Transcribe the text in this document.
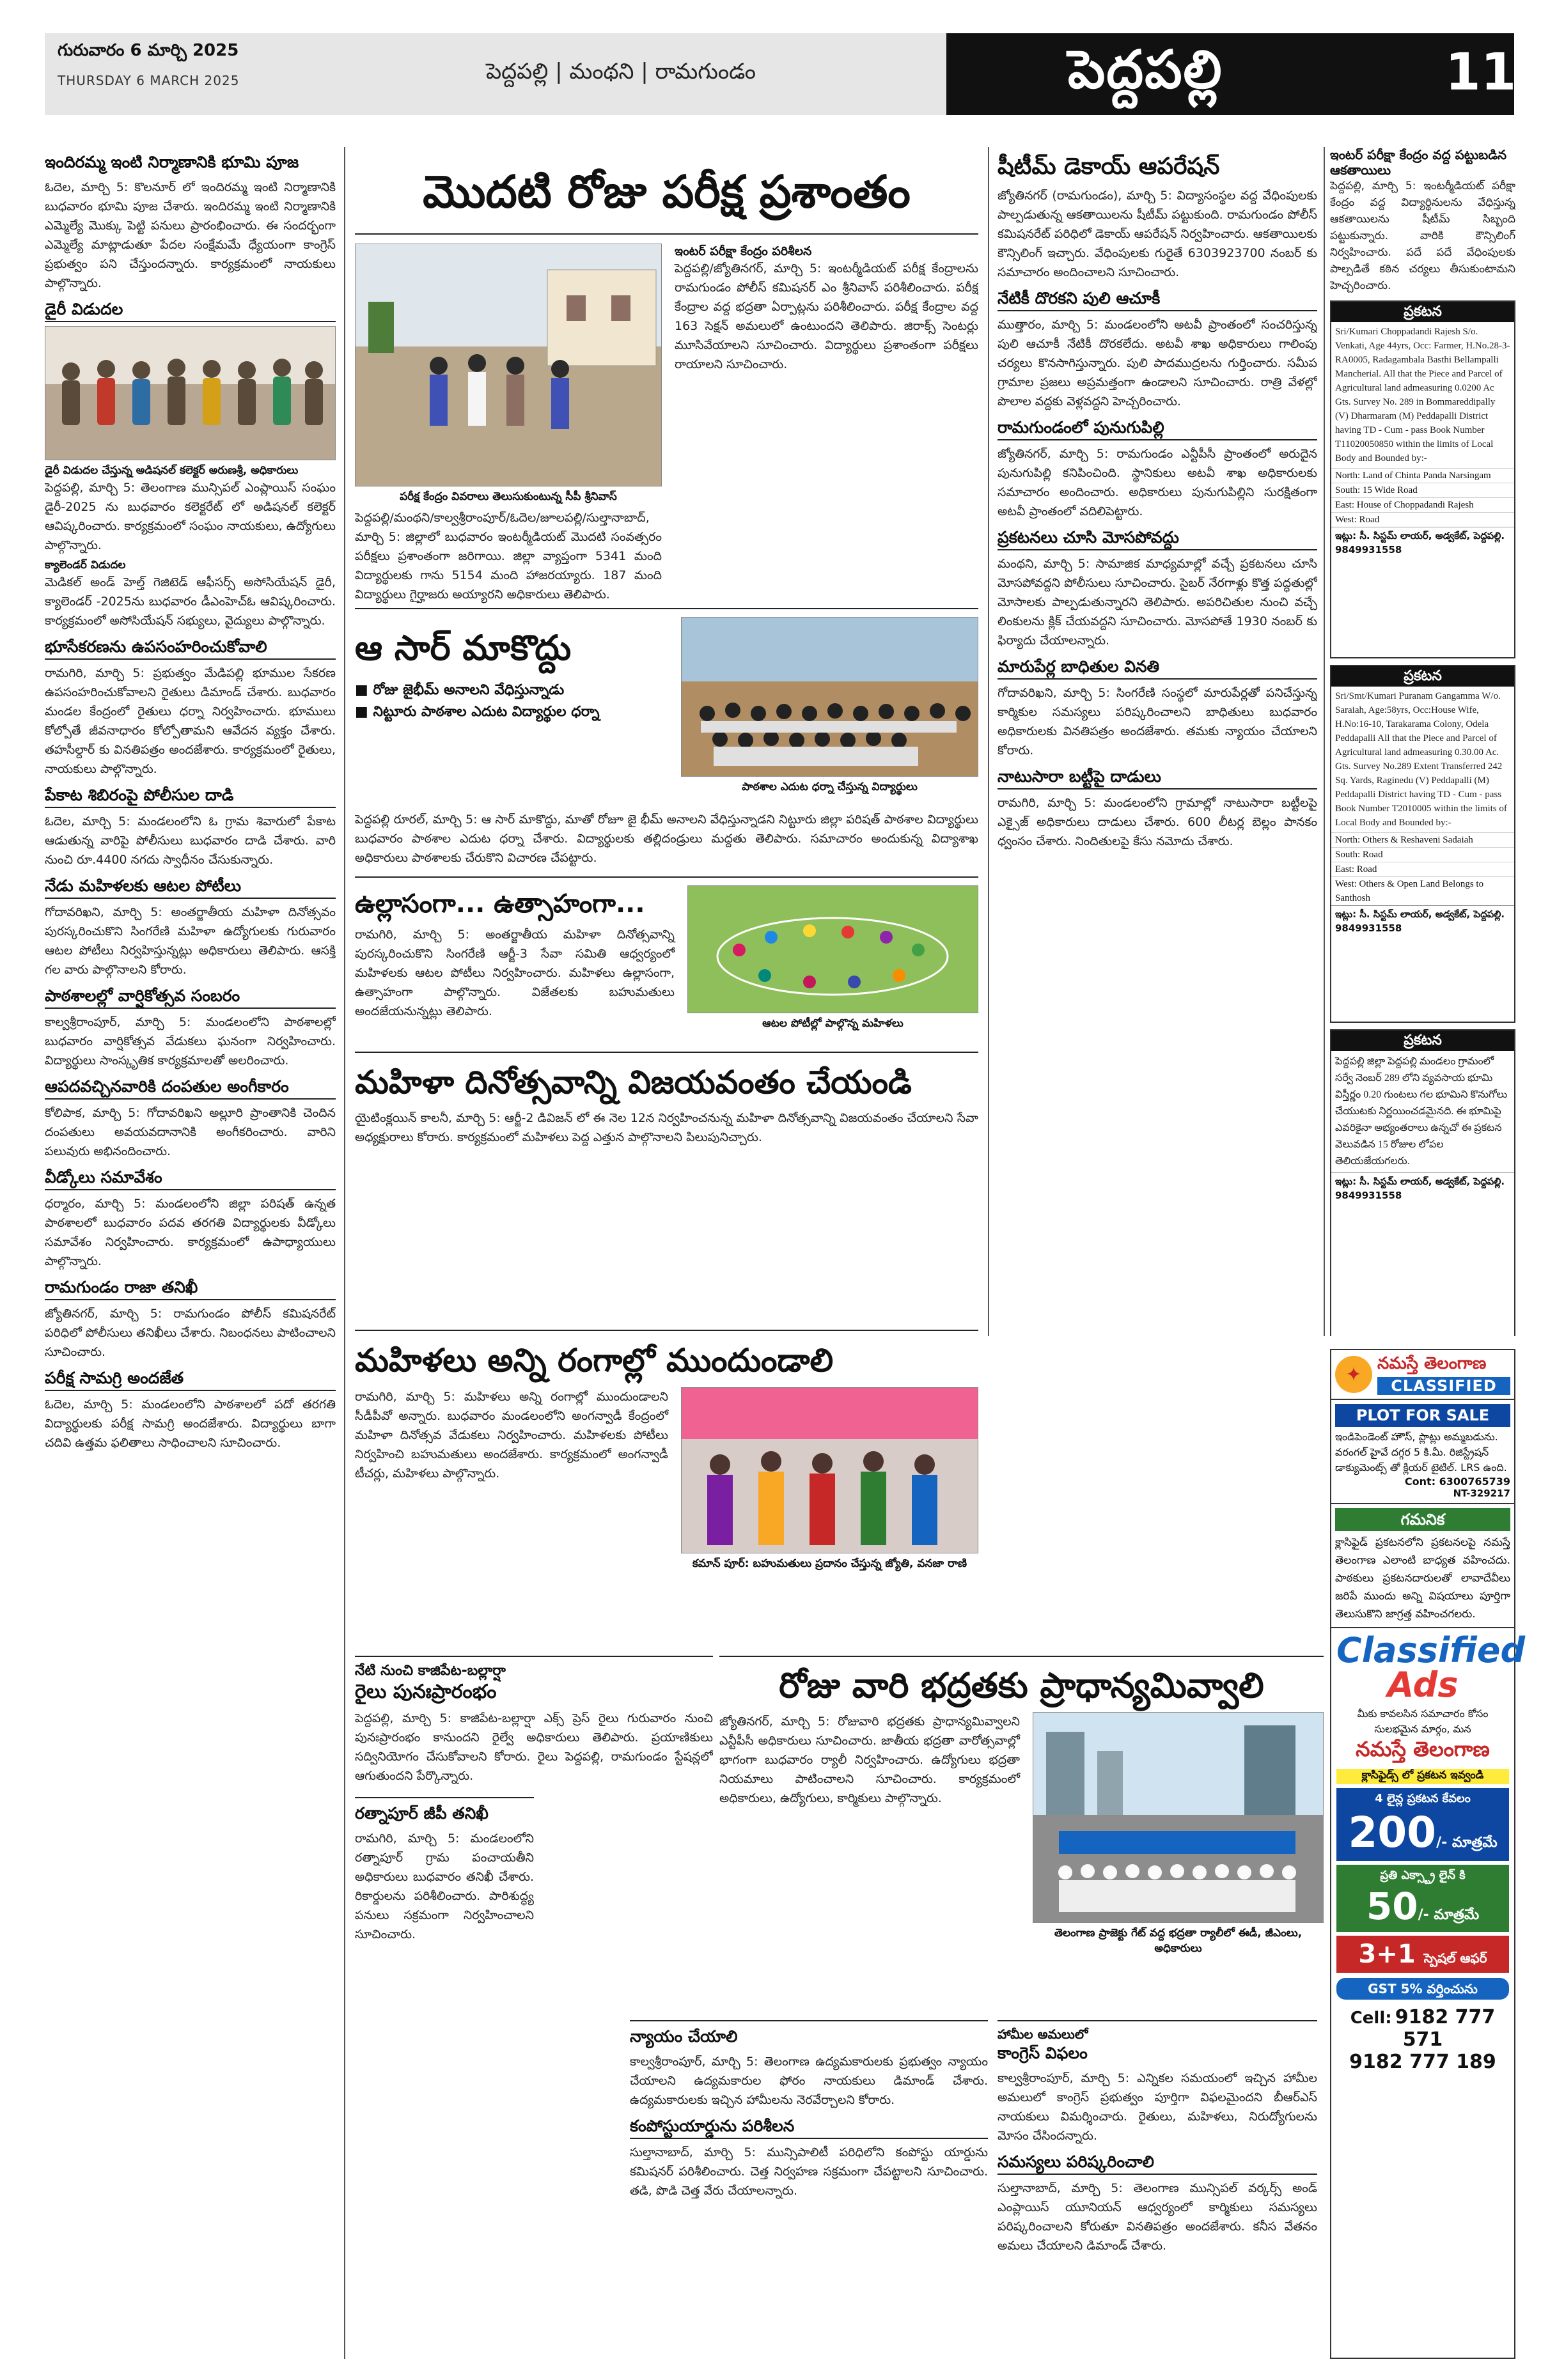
గురువారం 6 మార్చి 2025
THURSDAY 6 MARCH 2025	పెద్దపల్లి | మంథని | రామగుండం	పెద్దపల్లి	11
ఇందిరమ్మ ఇంటి నిర్మాణానికి భూమి పూజ
ఓదెల, మార్చి 5: కొలనూర్ లో ఇందిరమ్మ ఇంటి నిర్మాణానికి బుధవారం భూమి పూజ చేశారు. ఇందిరమ్మ ఇంటి నిర్మాణానికి ఎమ్మెల్యే మొక్కు పెట్టి పనులు ప్రారంభించారు. ఈ సందర్భంగా ఎమ్మెల్యే మాట్లాడుతూ పేదల సంక్షేమమే ధ్యేయంగా కాంగ్రెస్ ప్రభుత్వం పని చేస్తుందన్నారు. కార్యక్రమంలో నాయకులు పాల్గొన్నారు.
డైరీ విడుదల
డైరీ విడుదల చేస్తున్న అడిషనల్ కలెక్టర్ అరుణశ్రీ, అధికారులు
పెద్దపల్లి, మార్చి 5: తెలంగాణ మున్సిపల్ ఎంప్లాయిస్ సంఘం డైరీ-2025 ను బుధవారం కలెక్టరేట్ లో అడిషనల్ కలెక్టర్ ఆవిష్కరించారు. కార్యక్రమంలో సంఘం నాయకులు, ఉద్యోగులు పాల్గొన్నారు.
క్యాలెండర్ విడుదల
మెడికల్ అండ్ హెల్త్ గెజిటెడ్ ఆఫీసర్స్ అసోసియేషన్ డైరీ, క్యాలెండర్ -2025ను బుధవారం డీఎంహెచ్ఓ ఆవిష్కరించారు. కార్యక్రమంలో అసోసియేషన్ సభ్యులు, వైద్యులు పాల్గొన్నారు.
భూసేకరణను ఉపసంహరించుకోవాలి
రామగిరి, మార్చి 5: ప్రభుత్వం మేడిపల్లి భూముల సేకరణ ఉపసంహరించుకోవాలని రైతులు డిమాండ్ చేశారు. బుధవారం మండల కేంద్రంలో రైతులు ధర్నా నిర్వహించారు. భూములు కోల్పోతే జీవనాధారం కోల్పోతామని ఆవేదన వ్యక్తం చేశారు. తహసీల్దార్ కు వినతిపత్రం అందజేశారు. కార్యక్రమంలో రైతులు, నాయకులు పాల్గొన్నారు.
పేకాట శిబిరంపై పోలీసుల దాడి
ఓదెల, మార్చి 5: మండలంలోని ఓ గ్రామ శివారులో పేకాట ఆడుతున్న వారిపై పోలీసులు బుధవారం దాడి చేశారు. వారి నుంచి రూ.4400 నగదు స్వాధీనం చేసుకున్నారు.
నేడు మహిళలకు ఆటల పోటీలు
గోదావరిఖని, మార్చి 5: అంతర్జాతీయ మహిళా దినోత్సవం పురస్కరించుకొని సింగరేణి మహిళా ఉద్యోగులకు గురువారం ఆటల పోటీలు నిర్వహిస్తున్నట్లు అధికారులు తెలిపారు. ఆసక్తి గల వారు పాల్గొనాలని కోరారు.
పాఠశాలల్లో వార్షికోత్సవ సంబరం
కాల్వశ్రీరాంపూర్, మార్చి 5: మండలంలోని పాఠశాలల్లో బుధవారం వార్షికోత్సవ వేడుకలు ఘనంగా నిర్వహించారు. విద్యార్థులు సాంస్కృతిక కార్యక్రమాలతో అలరించారు.
ఆపదవచ్చినవారికి దంపతుల అంగీకారం
కోలిపాక, మార్చి 5: గోదావరిఖని అల్లూరి ప్రాంతానికి చెందిన దంపతులు అవయవదానానికి అంగీకరించారు. వారిని పలువురు అభినందించారు.
వీడ్కోలు సమావేశం
ధర్మారం, మార్చి 5: మండలంలోని జిల్లా పరిషత్ ఉన్నత పాఠశాలలో బుధవారం పదవ తరగతి విద్యార్థులకు వీడ్కోలు సమావేశం నిర్వహించారు. కార్యక్రమంలో ఉపాధ్యాయులు పాల్గొన్నారు.
రామగుండం రాజా తనిఖీ
జ్యోతినగర్, మార్చి 5: రామగుండం పోలీస్ కమిషనరేట్ పరిధిలో పోలీసులు తనిఖీలు చేశారు. నిబంధనలు పాటించాలని సూచించారు.
పరీక్ష సామగ్రి అందజేత
ఓదెల, మార్చి 5: మండలంలోని పాఠశాలలో పదో తరగతి విద్యార్థులకు పరీక్ష సామగ్రి అందజేశారు. విద్యార్థులు బాగా చదివి ఉత్తమ ఫలితాలు సాధించాలని సూచించారు.
మొదటి రోజు పరీక్ష ప్రశాంతం
పరీక్ష కేంద్రం వివరాలు తెలుసుకుంటున్న సీపీ శ్రీనివాస్
పెద్దపల్లి/మంథని/కాల్వశ్రీరాంపూర్/ఓదెల/జూలపల్లి/సుల్తానాబాద్, మార్చి 5: జిల్లాలో బుధవారం ఇంటర్మీడియట్ మొదటి సంవత్సరం పరీక్షలు ప్రశాంతంగా జరిగాయి. జిల్లా వ్యాప్తంగా 5341 మంది విద్యార్థులకు గాను 5154 మంది హాజరయ్యారు. 187 మంది విద్యార్థులు గైర్హాజరు అయ్యారని అధికారులు తెలిపారు.
ఇంటర్ పరీక్షా కేంద్రం పరిశీలన
పెద్దపల్లి/జ్యోతినగర్, మార్చి 5: ఇంటర్మీడియట్ పరీక్ష కేంద్రాలను రామగుండం పోలీస్ కమిషనర్ ఎం శ్రీనివాస్ పరిశీలించారు. పరీక్ష కేంద్రాల వద్ద భద్రతా ఏర్పాట్లను పరిశీలించారు. పరీక్ష కేంద్రాల వద్ద 163 సెక్షన్ అమలులో ఉంటుందని తెలిపారు. జిరాక్స్ సెంటర్లు మూసివేయాలని సూచించారు. విద్యార్థులు ప్రశాంతంగా పరీక్షలు రాయాలని సూచించారు.
ఆ సార్ మాకొద్దు
■ రోజు జైభీమ్ అనాలని వేధిస్తున్నాడు
■ నిట్టూరు పాఠశాల ఎదుట విద్యార్థుల ధర్నా
పాఠశాల ఎదుట ధర్నా చేస్తున్న విద్యార్థులు
పెద్దపల్లి రూరల్, మార్చి 5: ఆ సార్ మాకొద్దు, మాతో రోజూ జై భీమ్ అనాలని వేధిస్తున్నాడని నిట్టూరు జిల్లా పరిషత్ పాఠశాల విద్యార్థులు బుధవారం పాఠశాల ఎదుట ధర్నా చేశారు. విద్యార్థులకు తల్లిదండ్రులు మద్దతు తెలిపారు. సమాచారం అందుకున్న విద్యాశాఖ అధికారులు పాఠశాలకు చేరుకొని విచారణ చేపట్టారు.
ఉల్లాసంగా... ఉత్సాహంగా...
రామగిరి, మార్చి 5: అంతర్జాతీయ మహిళా దినోత్సవాన్ని పురస్కరించుకొని సింగరేణి ఆర్జీ-3 సేవా సమితి ఆధ్వర్యంలో మహిళలకు ఆటల పోటీలు నిర్వహించారు. మహిళలు ఉల్లాసంగా, ఉత్సాహంగా పాల్గొన్నారు. విజేతలకు బహుమతులు అందజేయనున్నట్లు తెలిపారు.
ఆటల పోటీల్లో పాల్గొన్న మహిళలు
మహిళా దినోత్సవాన్ని విజయవంతం చేయండి
యైటింక్లయిన్ కాలనీ, మార్చి 5: ఆర్జీ-2 డివిజన్ లో ఈ నెల 12న నిర్వహించనున్న మహిళా దినోత్సవాన్ని విజయవంతం చేయాలని సేవా అధ్యక్షురాలు కోరారు. కార్యక్రమంలో మహిళలు పెద్ద ఎత్తున పాల్గొనాలని పిలుపునిచ్చారు.
మహిళలు అన్ని రంగాల్లో ముందుండాలి
రామగిరి, మార్చి 5: మహిళలు అన్ని రంగాల్లో ముందుండాలని సీడీపీవో అన్నారు. బుధవారం మండలంలోని అంగన్వాడీ కేంద్రంలో మహిళా దినోత్సవ వేడుకలు నిర్వహించారు. మహిళలకు పోటీలు నిర్వహించి బహుమతులు అందజేశారు. కార్యక్రమంలో అంగన్వాడీ టీచర్లు, మహిళలు పాల్గొన్నారు.
కమాన్ పూర్: బహుమతులు ప్రదానం చేస్తున్న జ్యోతి, వనజా రాణి
నేటి నుంచి కాజిపేట-బల్లార్షా
రైలు పునఃప్రారంభం
పెద్దపల్లి, మార్చి 5: కాజిపేట-బల్లార్షా ఎక్స్ ప్రెస్ రైలు గురువారం నుంచి పునఃప్రారంభం కానుందని రైల్వే అధికారులు తెలిపారు. ప్రయాణికులు సద్వినియోగం చేసుకోవాలని కోరారు. రైలు పెద్దపల్లి, రామగుండం స్టేషన్లలో ఆగుతుందని పేర్కొన్నారు.
రత్నాపూర్ జీపీ తనిఖీ
రామగిరి, మార్చి 5: మండలంలోని రత్నాపూర్ గ్రామ పంచాయతీని అధికారులు బుధవారం తనిఖీ చేశారు. రికార్డులను పరిశీలించారు. పారిశుద్ధ్య పనులు సక్రమంగా నిర్వహించాలని సూచించారు.
షీటీమ్ డెకాయ్ ఆపరేషన్
జ్యోతినగర్ (రామగుండం), మార్చి 5: విద్యాసంస్థల వద్ద వేధింపులకు పాల్పడుతున్న ఆకతాయిలను షీటీమ్ పట్టుకుంది. రామగుండం పోలీస్ కమిషనరేట్ పరిధిలో డెకాయ్ ఆపరేషన్ నిర్వహించారు. ఆకతాయిలకు కౌన్సిలింగ్ ఇచ్చారు. వేధింపులకు గురైతే 6303923700 నంబర్ కు సమాచారం అందించాలని సూచించారు.
నేటికీ దొరకని పులి ఆచూకీ
ముత్తారం, మార్చి 5: మండలంలోని అటవీ ప్రాంతంలో సంచరిస్తున్న పులి ఆచూకీ నేటికీ దొరకలేదు. అటవీ శాఖ అధికారులు గాలింపు చర్యలు కొనసాగిస్తున్నారు. పులి పాదముద్రలను గుర్తించారు. సమీప గ్రామాల ప్రజలు అప్రమత్తంగా ఉండాలని సూచించారు. రాత్రి వేళల్లో పొలాల వద్దకు వెళ్లవద్దని హెచ్చరించారు.
రామగుండంలో పునుగుపిల్లి
జ్యోతినగర్, మార్చి 5: రామగుండం ఎన్టీపీసీ ప్రాంతంలో అరుదైన పునుగుపిల్లి కనిపించింది. స్థానికులు అటవీ శాఖ అధికారులకు సమాచారం అందించారు. అధికారులు పునుగుపిల్లిని సురక్షితంగా అటవీ ప్రాంతంలో వదిలిపెట్టారు.
ప్రకటనలు చూసి మోసపోవద్దు
మంథని, మార్చి 5: సామాజిక మాధ్యమాల్లో వచ్చే ప్రకటనలు చూసి మోసపోవద్దని పోలీసులు సూచించారు. సైబర్ నేరగాళ్లు కొత్త పద్ధతుల్లో మోసాలకు పాల్పడుతున్నారని తెలిపారు. అపరిచితుల నుంచి వచ్చే లింకులను క్లిక్ చేయవద్దని సూచించారు. మోసపోతే 1930 నంబర్ కు ఫిర్యాదు చేయాలన్నారు.
మారుపేర్ల బాధితుల వినతి
గోదావరిఖని, మార్చి 5: సింగరేణి సంస్థలో మారుపేర్లతో పనిచేస్తున్న కార్మికుల సమస్యలు పరిష్కరించాలని బాధితులు బుధవారం అధికారులకు వినతిపత్రం అందజేశారు. తమకు న్యాయం చేయాలని కోరారు.
నాటుసారా బట్టీపై దాడులు
రామగిరి, మార్చి 5: మండలంలోని గ్రామాల్లో నాటుసారా బట్టీలపై ఎక్సైజ్ అధికారులు దాడులు చేశారు. 600 లీటర్ల బెల్లం పానకం ధ్వంసం చేశారు. నిందితులపై కేసు నమోదు చేశారు.
రోజు వారి భద్రతకు ప్రాధాన్యమివ్వాలి
జ్యోతినగర్, మార్చి 5: రోజువారి భద్రతకు ప్రాధాన్యమివ్వాలని ఎన్టీపీసీ అధికారులు సూచించారు. జాతీయ భద్రతా వారోత్సవాల్లో భాగంగా బుధవారం ర్యాలీ నిర్వహించారు. ఉద్యోగులు భద్రతా నియమాలు పాటించాలని సూచించారు. కార్యక్రమంలో అధికారులు, ఉద్యోగులు, కార్మికులు పాల్గొన్నారు.
తెలంగాణ ప్రాజెక్టు గేట్ వద్ద భద్రతా ర్యాలీలో ఈడీ, జీఎంలు, అధికారులు
న్యాయం చేయాలి
కాల్వశ్రీరాంపూర్, మార్చి 5: తెలంగాణ ఉద్యమకారులకు ప్రభుత్వం న్యాయం చేయాలని ఉద్యమకారుల ఫోరం నాయకులు డిమాండ్ చేశారు. ఉద్యమకారులకు ఇచ్చిన హామీలను నెరవేర్చాలని కోరారు.
కంపోస్టుయార్డును పరిశీలన
సుల్తానాబాద్, మార్చి 5: మున్సిపాలిటీ పరిధిలోని కంపోస్టు యార్డును కమిషనర్ పరిశీలించారు. చెత్త నిర్వహణ సక్రమంగా చేపట్టాలని సూచించారు. తడి, పొడి చెత్త వేరు చేయాలన్నారు.
హామీల అమలులో
కాంగ్రెస్ విఫలం
కాల్వశ్రీరాంపూర్, మార్చి 5: ఎన్నికల సమయంలో ఇచ్చిన హామీల అమలులో కాంగ్రెస్ ప్రభుత్వం పూర్తిగా విఫలమైందని బీఆర్ఎస్ నాయకులు విమర్శించారు. రైతులు, మహిళలు, నిరుద్యోగులను మోసం చేసిందన్నారు.
సమస్యలు పరిష్కరించాలి
సుల్తానాబాద్, మార్చి 5: తెలంగాణ మున్సిపల్ వర్కర్స్ అండ్ ఎంప్లాయిస్ యూనియన్ ఆధ్వర్యంలో కార్మికులు సమస్యలు పరిష్కరించాలని కోరుతూ వినతిపత్రం అందజేశారు. కనీస వేతనం అమలు చేయాలని డిమాండ్ చేశారు.
ఇంటర్ పరీక్షా కేంద్రం వద్ద పట్టుబడిన ఆకతాయిలు
పెద్దపల్లి, మార్చి 5: ఇంటర్మీడియట్ పరీక్షా కేంద్రం వద్ద విద్యార్థినులను వేధిస్తున్న ఆకతాయిలను షీటీమ్ సిబ్బంది పట్టుకున్నారు. వారికి కౌన్సిలింగ్ నిర్వహించారు. పదే పదే వేధింపులకు పాల్పడితే కఠిన చర్యలు తీసుకుంటామని హెచ్చరించారు.
ప్రకటన
Sri/Kumari Choppadandi Rajesh S/o. Venkati, Age 44yrs, Occ: Farmer, H.No.28-3-RA0005, Radagambala Basthi Bellampalli Mancherial. All that the Piece and Parcel of Agricultural land admeasuring 0.0200 Ac Gts. Survey No. 289 in Bommareddipally (V) Dharmaram (M) Peddapalli District having TD - Cum - pass Book Number T11020050850 within the limits of Local Body and Bounded by:-
North: Land of Chinta Panda Narsingam
South: 15 Wide Road
East: House of Choppadandi Rajesh
West: Road
ఇట్లు: సీ. సిస్టమ్ లాయర్, అడ్వకేట్, పెద్దపల్లి. 9849931558
ప్రకటన
Sri/Smt/Kumari Puranam Gangamma W/o. Saraiah, Age:58yrs, Occ:House Wife, H.No:16-10, Tarakarama Colony, Odela Peddapalli All that the Piece and Parcel of Agricultural land admeasuring 0.30.00 Ac. Gts. Survey No.289 Extent Transferred 242 Sq. Yards, Raginedu (V) Peddapalli (M) Peddapalli District having TD - Cum - pass Book Number T2010005 within the limits of Local Body and Bounded by:-
North: Others & Reshaveni Sadaiah
South: Road
East: Road
West: Others & Open Land Belongs to Santhosh
ఇట్లు: సీ. సిస్టమ్ లాయర్, అడ్వకేట్, పెద్దపల్లి. 9849931558
ప్రకటన
పెద్దపల్లి జిల్లా పెద్దపల్లి మండలం గ్రామంలో సర్వే నెంబర్ 289 లోని వ్యవసాయ భూమి విస్తీర్ణం 0.20 గుంటలు గల భూమిని కొనుగోలు చేయుటకు నిర్ణయించడమైనది. ఈ భూమిపై ఎవరికైనా అభ్యంతరాలు ఉన్నచో ఈ ప్రకటన వెలువడిన 15 రోజుల లోపల తెలియజేయగలరు.
ఇట్లు: సీ. సిస్టమ్ లాయర్, అడ్వకేట్, పెద్దపల్లి. 9849931558
✦ నమస్తే తెలంగాణ
CLASSIFIED
PLOT FOR SALE
ఇండిపెండెంట్ హౌస్, ప్లాట్లు అమ్మబడును. వరంగల్ హైవే దగ్గర 5 కి.మీ. రిజిస్ట్రేషన్ డాక్యుమెంట్స్ తో క్లియర్ టైటిల్. LRS ఉంది.
Cont: 6300765739
NT-329217
గమనిక
క్లాసిఫైడ్ ప్రకటనలోని ప్రకటనలపై నమస్తే తెలంగాణ ఎలాంటి బాధ్యత వహించదు. పాఠకులు ప్రకటనదారులతో లావాదేవీలు జరిపే ముందు అన్ని విషయాలు పూర్తిగా తెలుసుకొని జాగ్రత్త వహించగలరు.
Classified
Ads
మీకు కావలసిన సమాచారం కోసం సులభమైన మార్గం, మన
నమస్తే తెలంగాణ
క్లాసిఫైడ్స్ లో ప్రకటన ఇవ్వండి
4 లైన్ల ప్రకటన కేవలం
200/- మాత్రమే
ప్రతి ఎక్స్ట్రా లైన్ కి
50/- మాత్రమే
3+1 స్పెషల్ ఆఫర్
GST 5% వర్తించును
Cell: 9182 777 571
9182 777 189
